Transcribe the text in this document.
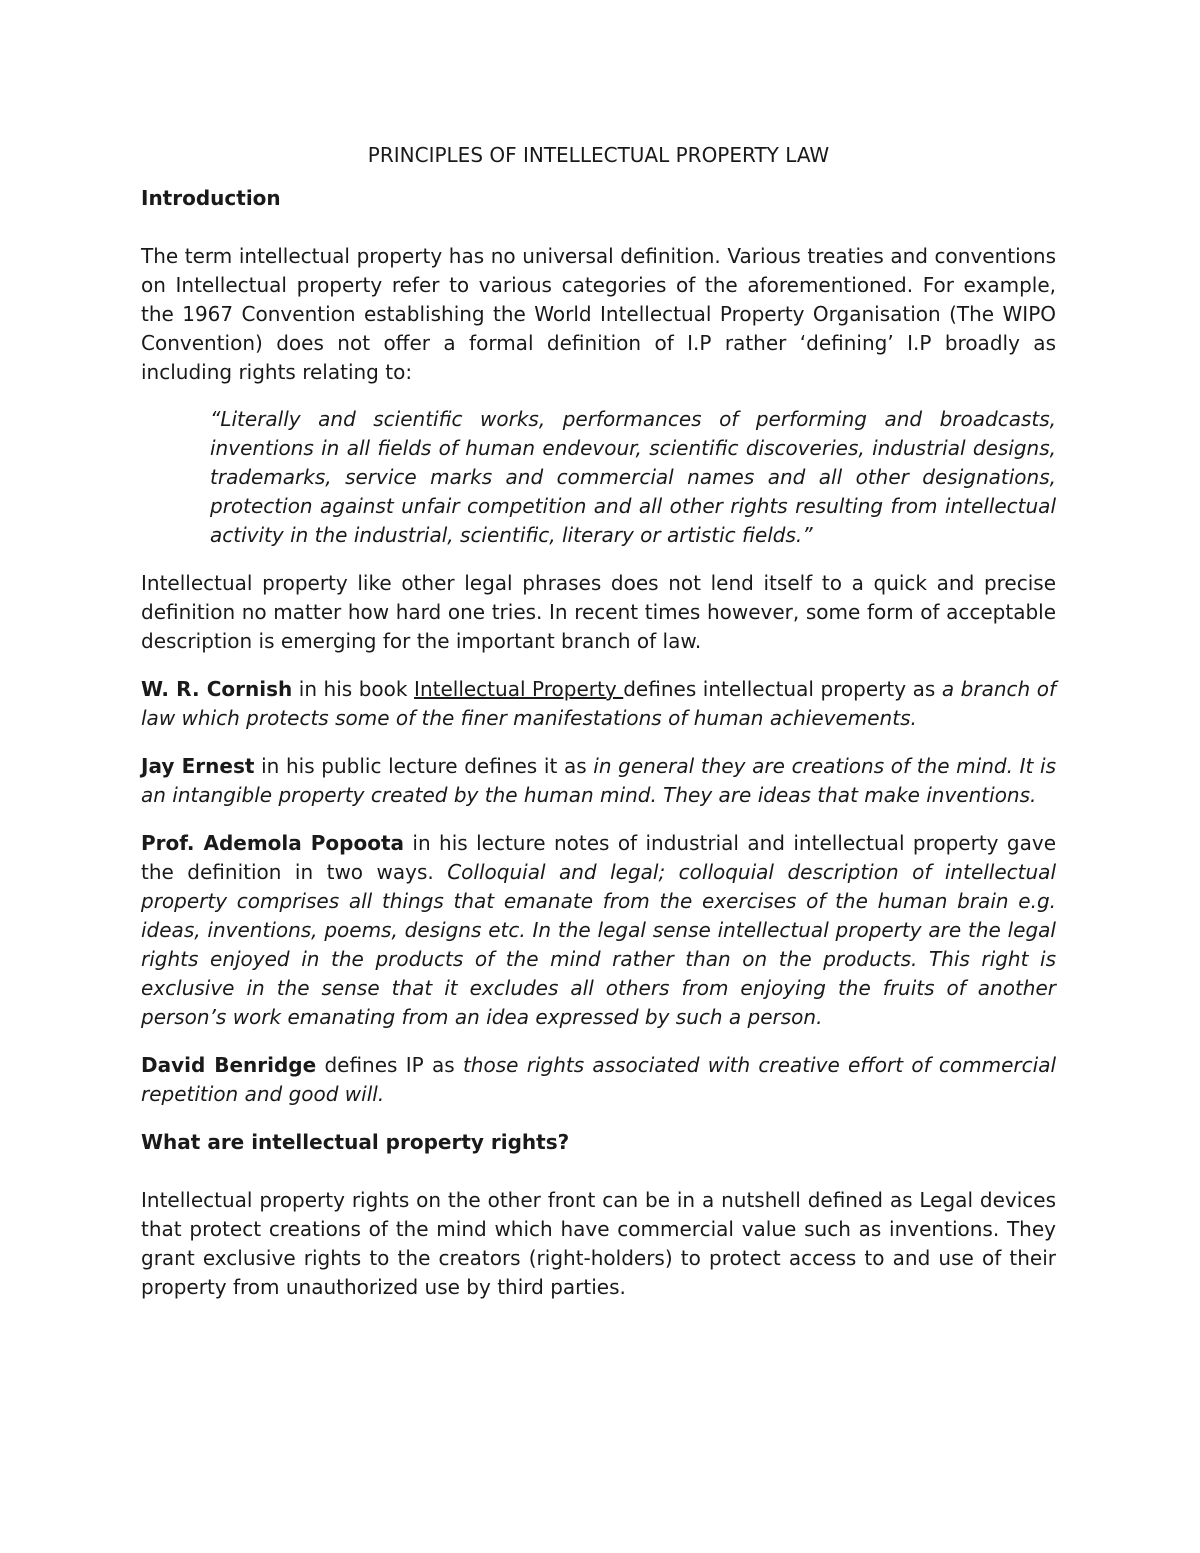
PRINCIPLES OF INTELLECTUAL PROPERTY LAW
Introduction

The term intellectual property has no universal definition. Various treaties and conventions on Intellectual property refer to various categories of the aforementioned. For example, the 1967 Convention establishing the World Intellectual Property Organisation (The WIPO Convention) does not offer a formal definition of I.P rather ‘defining’ I.P broadly as including rights relating to:

“Literally and scientific works, performances of performing and broadcasts, inventions in all fields of human endevour, scientific discoveries, industrial designs, trademarks, service marks and commercial names and all other designations, protection against unfair competition and all other rights resulting from intellectual activity in the industrial, scientific, literary or artistic fields.”

Intellectual property like other legal phrases does not lend itself to a quick and precise definition no matter how hard one tries. In recent times however, some form of acceptable description is emerging for the important branch of law.

W. R. Cornish in his book Intellectual Property defines intellectual property as a branch of law which protects some of the finer manifestations of human achievements.

Jay Ernest in his public lecture defines it as in general they are creations of the mind. It is an intangible property created by the human mind. They are ideas that make inventions.

Prof. Ademola Popoota in his lecture notes of industrial and intellectual property gave the definition in two ways. Colloquial and legal; colloquial description of intellectual property comprises all things that emanate from the exercises of the human brain e.g. ideas, inventions, poems, designs etc. In the legal sense intellectual property are the legal rights enjoyed in the products of the mind rather than on the products. This right is exclusive in the sense that it excludes all others from enjoying the fruits of another person’s work emanating from an idea expressed by such a person.

David Benridge defines IP as those rights associated with creative effort of commercial repetition and good will.

What are intellectual property rights?

Intellectual property rights on the other front can be in a nutshell defined as Legal devices that protect creations of the mind which have commercial value such as inventions. They grant exclusive rights to the creators (right-holders) to protect access to and use of their property from unauthorized use by third parties.
